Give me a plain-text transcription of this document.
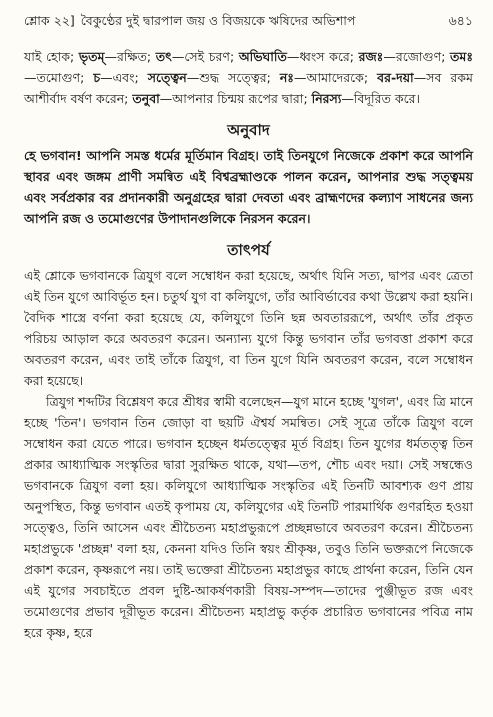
শ্লোক ২২] বৈকুণ্ঠের দুই দ্বারপাল জয় ও বিজয়কে ঋষিদের অভিশাপ	৬৪১

যাই হোক; ভৃতম্—রক্ষিত; তৎ—সেই চরণ; অভিঘাতি—ধ্বংস করে; রজঃ—রজোগুণ; তমঃ—তমোগুণ; চ—এবং; সত্ত্বেন—শুদ্ধ সত্ত্বের; নঃ—আমাদেরকে; বর-দয়া—সব রকম আশীর্বাদ বর্ষণ করেন; তনুবা—আপনার চিন্ময় রূপের দ্বারা; নিরস্য—বিদূরিত করে।

অনুবাদ

হে ভগবান! আপনি সমস্ত ধর্মের মূর্তিমান বিগ্রহ। তাই তিনযুগে নিজেকে প্রকাশ করে আপনি স্থাবর এবং জঙ্গম প্রাণী সমন্বিত এই বিশ্বব্রহ্মাণ্ডকে পালন করেন, আপনার শুদ্ধ সত্ত্বময় এবং সর্বপ্রকার বর প্রদানকারী অনুগ্রহের দ্বারা দেবতা এবং ব্রাহ্মণদের কল্যাণ সাধনের জন্য আপনি রজ ও তমোগুণের উপাদানগুলিকে নিরসন করেন।

তাৎপর্য

এই শ্লোকে ভগবানকে ত্রিযুগ বলে সম্বোধন করা হয়েছে, অর্থাৎ যিনি সত্য, দ্বাপর এবং ত্রেতা এই তিন যুগে আবির্ভূত হন। চতুর্থ যুগ বা কলিযুগে, তাঁর আবির্ভাবের কথা উল্লেখ করা হয়নি। বৈদিক শাস্ত্রে বর্ণনা করা হয়েছে যে, কলিযুগে তিনি ছন্ন অবতাররূপে, অর্থাৎ তাঁর প্রকৃত পরিচয় আড়াল করে অবতরণ করেন। অন্যান্য যুগে কিন্তু ভগবান তাঁর ভগবত্তা প্রকাশ করে অবতরণ করেন, এবং তাই তাঁকে ত্রিযুগ, বা তিন যুগে যিনি অবতরণ করেন, বলে সম্বোধন করা হয়েছে।

ত্রিযুগ শব্দটির বিশ্লেষণ করে শ্রীধর স্বামী বলেছেন—যুগ মানে হচ্ছে 'যুগল', এবং ত্রি মানে হচ্ছে 'তিন'। ভগবান তিন জোড়া বা ছয়টি ঐশ্বর্য সমন্বিত। সেই সূত্রে তাঁকে ত্রিযুগ বলে সম্বোধন করা যেতে পারে। ভগবান হচ্ছেন ধর্মতত্ত্বের মূর্ত বিগ্রহ। তিন যুগের ধর্মতত্ত্ব তিন প্রকার আধ্যাত্মিক সংস্কৃতির দ্বারা সুরক্ষিত থাকে, যথা—তপ, শৌচ এবং দয়া। সেই সম্বন্ধেও ভগবানকে ত্রিযুগ বলা হয়। কলিযুগে আধ্যাত্মিক সংস্কৃতির এই তিনটি আবশ্যক গুণ প্রায় অনুপস্থিত, কিন্তু ভগবান এতই কৃপাময় যে, কলিযুগের এই তিনটি পারমার্থিক গুণরহিত হওয়া সত্ত্বেও, তিনি আসেন এবং শ্রীচৈতন্য মহাপ্রভুরূপে প্রচ্ছন্নভাবে অবতরণ করেন। শ্রীচৈতন্য মহাপ্রভুকে 'প্রচ্ছন্ন' বলা হয়, কেননা যদিও তিনি স্বয়ং শ্রীকৃষ্ণ, তবুও তিনি ভক্তরূপে নিজেকে প্রকাশ করেন, কৃষ্ণরূপে নয়। তাই ভক্তেরা শ্রীচৈতন্য মহাপ্রভুর কাছে প্রার্থনা করেন, তিনি যেন এই যুগের সবচাইতে প্রবল দুষ্টি-আকর্ষণকারী বিষয়-সম্পদ—তাদের পুঞ্জীভূত রজ এবং তমোগুণের প্রভাব দূরীভূত করেন। শ্রীচৈতন্য মহাপ্রভু কর্তৃক প্রচারিত ভগবানের পবিত্র নাম হরে কৃষ্ণ, হরে
